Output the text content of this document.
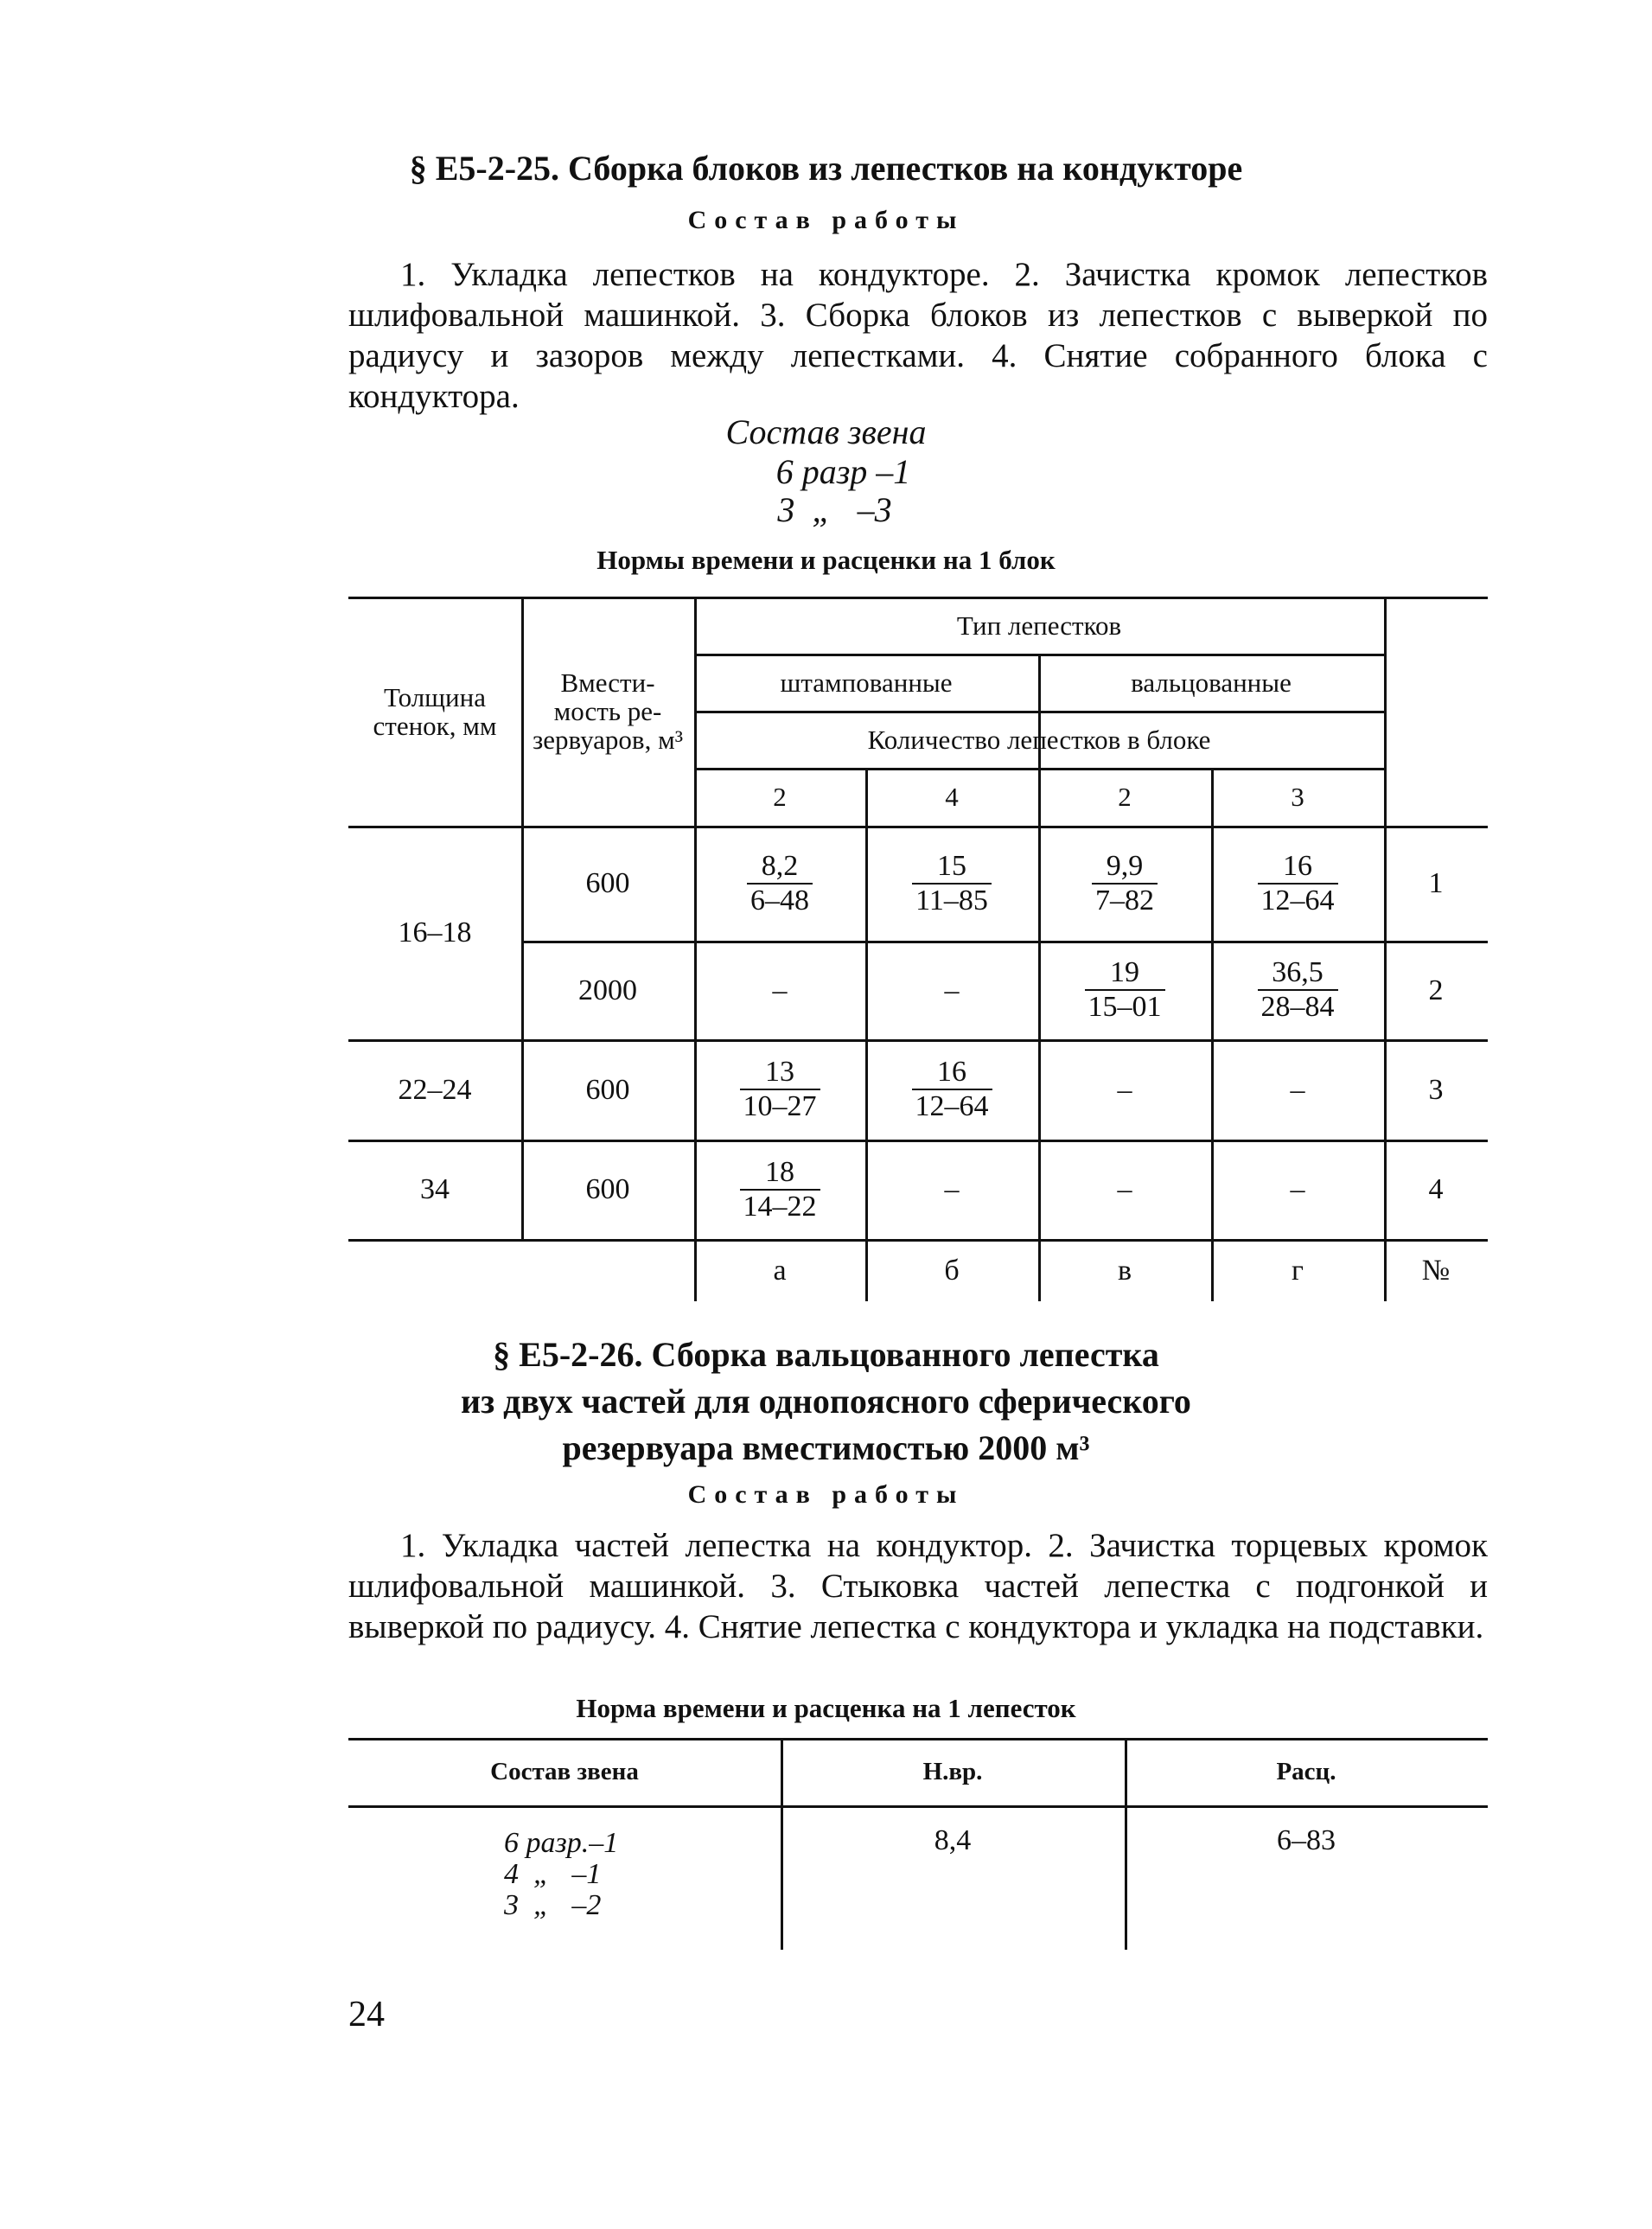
§ Е5-2-25. Сборка блоков из лепестков на кондукторе
Состав работы

1. Укладка лепестков на кондукторе. 2. Зачистка кромок лепестков шлифовальной машинкой. 3. Сборка блоков из лепестков с выверкой по радиусу и зазоров между лепестками. 4. Снятие собранного блока с кондуктора.

Состав звена
6 разр –1
3  „   –3
Нормы времени и расценки на 1 блок
Толщина стенок, мм
Вмести- мость ре- зервуаров, м³
Тип лепестков
штампованные	вальцованные
Количество лепестков в блоке
2	4	2	3
16–18
600	$\frac{8,2}{6-48}$	$\frac{15}{11-85}$	$\frac{9,9}{7-82}$	$\frac{16}{12-64}$	1
2000	–	–	$\frac{19}{15-01}$	$\frac{36,5}{28-84}$	2
22–24	600	$\frac{13}{10-27}$	$\frac{16}{12-64}$	–	–	3
34	600	$\frac{18}{14-22}$	–	–	–	4
а	б	в	г	№
§ Е5-2-26. Сборка вальцованного лепестка
из двух частей для однопоясного сферического
резервуара вместимостью 2000 м³
Состав работы

1. Укладка частей лепестка на кондуктор. 2. Зачистка торцевых кромок шлифовальной машинкой. 3. Стыковка частей лепестка с подгонкой и выверкой по радиусу. 4. Снятие лепестка с кондуктора и укладка на подставки.

Норма времени и расценка на 1 лепесток
Состав звена	Н.вр.	Расц.
6 разр.–1
4  „   –1
3  „   –2
8,4	6–83
24
